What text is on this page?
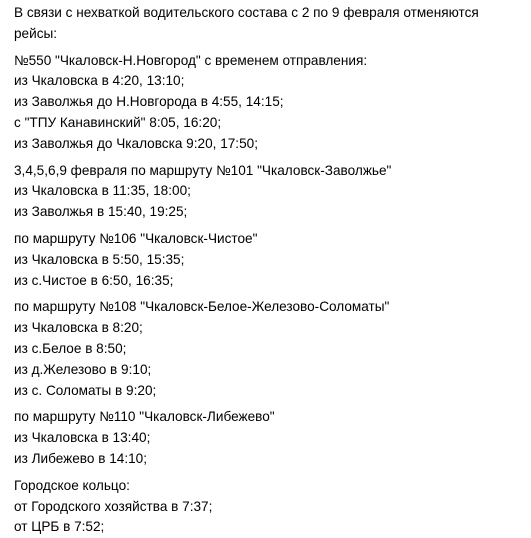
В связи с нехваткой водительского состава с 2 по 9 февраля отменяются
рейсы:
№550 "Чкаловск-Н.Новгород" с временем отправления:
из Чкаловска в 4:20, 13:10;
из Заволжья до Н.Новгорода в 4:55, 14:15;
с "ТПУ Канавинский" 8:05, 16:20;
из Заволжья до Чкаловска 9:20, 17:50;
3,4,5,6,9 февраля по маршруту №101 "Чкаловск-Заволжье"
из Чкаловска в 11:35, 18:00;
из Заволжья в 15:40, 19:25;
по маршруту №106 "Чкаловск-Чистое"
из Чкаловска в 5:50, 15:35;
из с.Чистое в 6:50, 16:35;
по маршруту №108 "Чкаловск-Белое-Железово-Соломаты"
из Чкаловска в 8:20;
из с.Белое в 8:50;
из д.Железово в 9:10;
из с. Соломаты в 9:20;
по маршруту №110 "Чкаловск-Либежево"
из Чкаловска в 13:40;
из Либежево в 14:10;
Городское кольцо:
от Городского хозяйства в 7:37;
от ЦРБ в 7:52;
